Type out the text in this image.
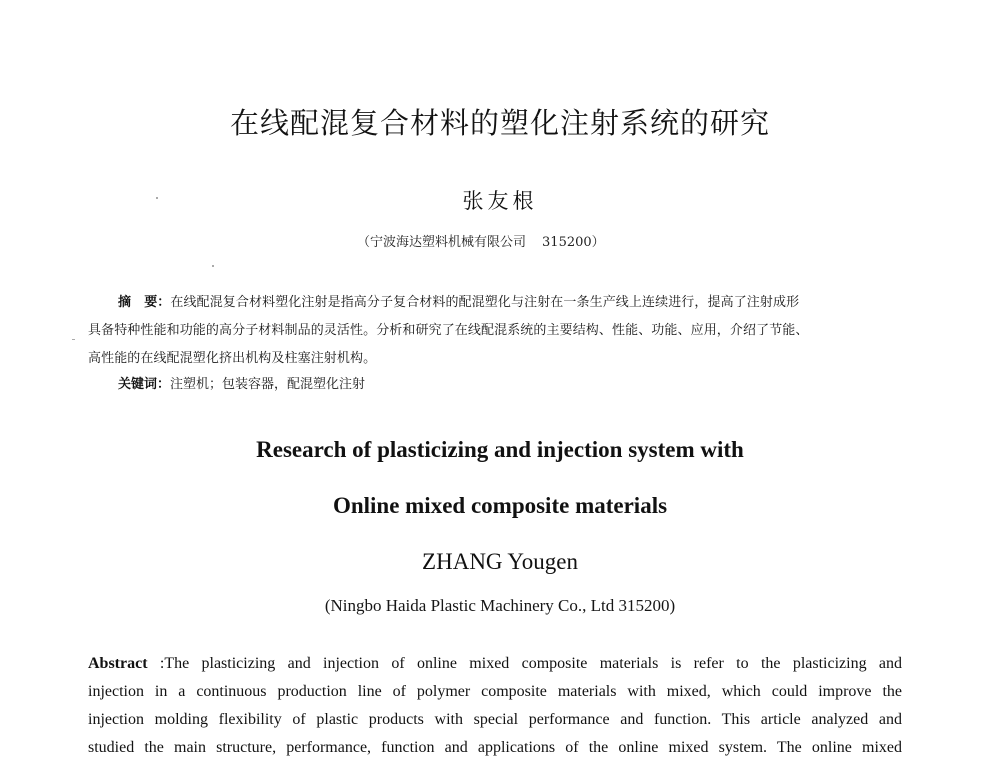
在线配混复合材料的塑化注射系统的研究
张友根
（宁波海达塑料机械有限公司 315200）
摘　要：在线配混复合材料塑化注射是指高分子复合材料的配混塑化与注射在一条生产线上连续进行，提高了注射成形
具备特种性能和功能的高分子材料制品的灵活性。分析和研究了在线配混系统的主要结构、性能、功能、应用，介绍了节能、
高性能的在线配混塑化挤出机构及柱塞注射机构。
关键词：注塑机；包装容器，配混塑化注射
Research of plasticizing and injection system with
Online mixed composite materials
ZHANG Yougen
(Ningbo Haida Plastic Machinery Co., Ltd 315200)
Abstract :The plasticizing and injection of online mixed composite materials is refer to the plasticizing and
injection in a continuous production line of polymer composite materials with mixed, which could improve the
injection molding flexibility of plastic products with special performance and function. This article analyzed and
studied the main structure, performance, function and applications of the online mixed system. The online mixed
